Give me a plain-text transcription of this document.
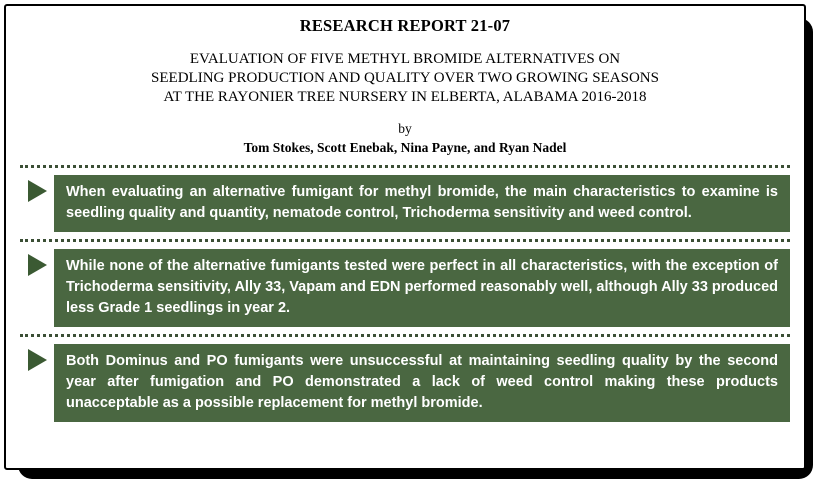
RESEARCH REPORT 21-07
EVALUATION OF FIVE METHYL BROMIDE ALTERNATIVES ON
SEEDLING PRODUCTION AND QUALITY OVER TWO GROWING SEASONS
AT THE RAYONIER TREE NURSERY IN ELBERTA, ALABAMA 2016-2018
by
Tom Stokes, Scott Enebak, Nina Payne, and Ryan Nadel

When evaluating an alternative fumigant for methyl bromide, the main characteristics to examine is seedling quality and quantity, nematode control, Trichoderma sensitivity and weed control.

While none of the alternative fumigants tested were perfect in all characteristics, with the exception of Trichoderma sensitivity, Ally 33, Vapam and EDN performed reasonably well, although Ally 33 produced less Grade 1 seedlings in year 2.

Both Dominus and PO fumigants were unsuccessful at maintaining seedling quality by the second year after fumigation and PO demonstrated a lack of weed control making these products unacceptable as a possible replacement for methyl bromide.
